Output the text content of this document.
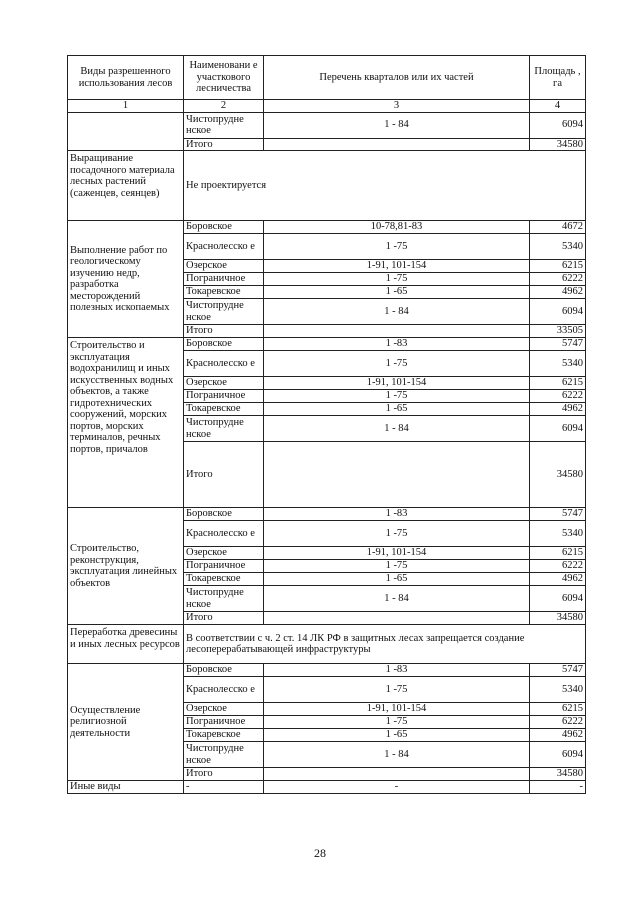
Виды разрешенного использования лесов	Наименовани е участкового лесничества	Перечень кварталов или их частей	Площадь , га
1	2	3	4
	Чистопрудне нское	1 - 84	6094
	Итого		34580
Выращивание посадочного материала лесных растений (саженцев, сеянцев)	Не проектируется		
Выполнение работ по геологическому изучению недр, разработка месторождений полезных ископаемых	Боровское	10-78,81-83	4672
	Краснолесско е	1 -75	5340
	Озерское	1-91, 101-154	6215
	Пограничное	1 -75	6222
	Токаревское	1 -65	4962
	Чистопрудне нское	1 - 84	6094
	Итого		33505
Строительство и эксплуатация водохранилищ и иных искусственных водных объектов, а также гидротехнических сооружений, морских портов, морских терминалов, речных портов, причалов	Боровское	1 -83	5747
	Краснолесско е	1 -75	5340
	Озерское	1-91, 101-154	6215
	Пограничное	1 -75	6222
	Токаревское	1 -65	4962
	Чистопрудне нское	1 - 84	6094
	Итого		34580
Строительство, реконструкция, эксплуатация линейных объектов	Боровское	1 -83	5747
	Краснолесско е	1 -75	5340
	Озерское	1-91, 101-154	6215
	Пограничное	1 -75	6222
	Токаревское	1 -65	4962
	Чистопрудне нское	1 - 84	6094
	Итого		34580
Переработка древесины и иных лесных ресурсов	В соответствии с ч. 2 ст. 14 ЛК РФ в защитных лесах запрещается создание лесоперерабатывающей инфраструктуры		
Осуществление религиозной деятельности	Боровское	1 -83	5747
	Краснолесско е	1 -75	5340
	Озерское	1-91, 101-154	6215
	Пограничное	1 -75	6222
	Токаревское	1 -65	4962
	Чистопрудне нское	1 - 84	6094
	Итого		34580
Иные виды	-	-	-
28
